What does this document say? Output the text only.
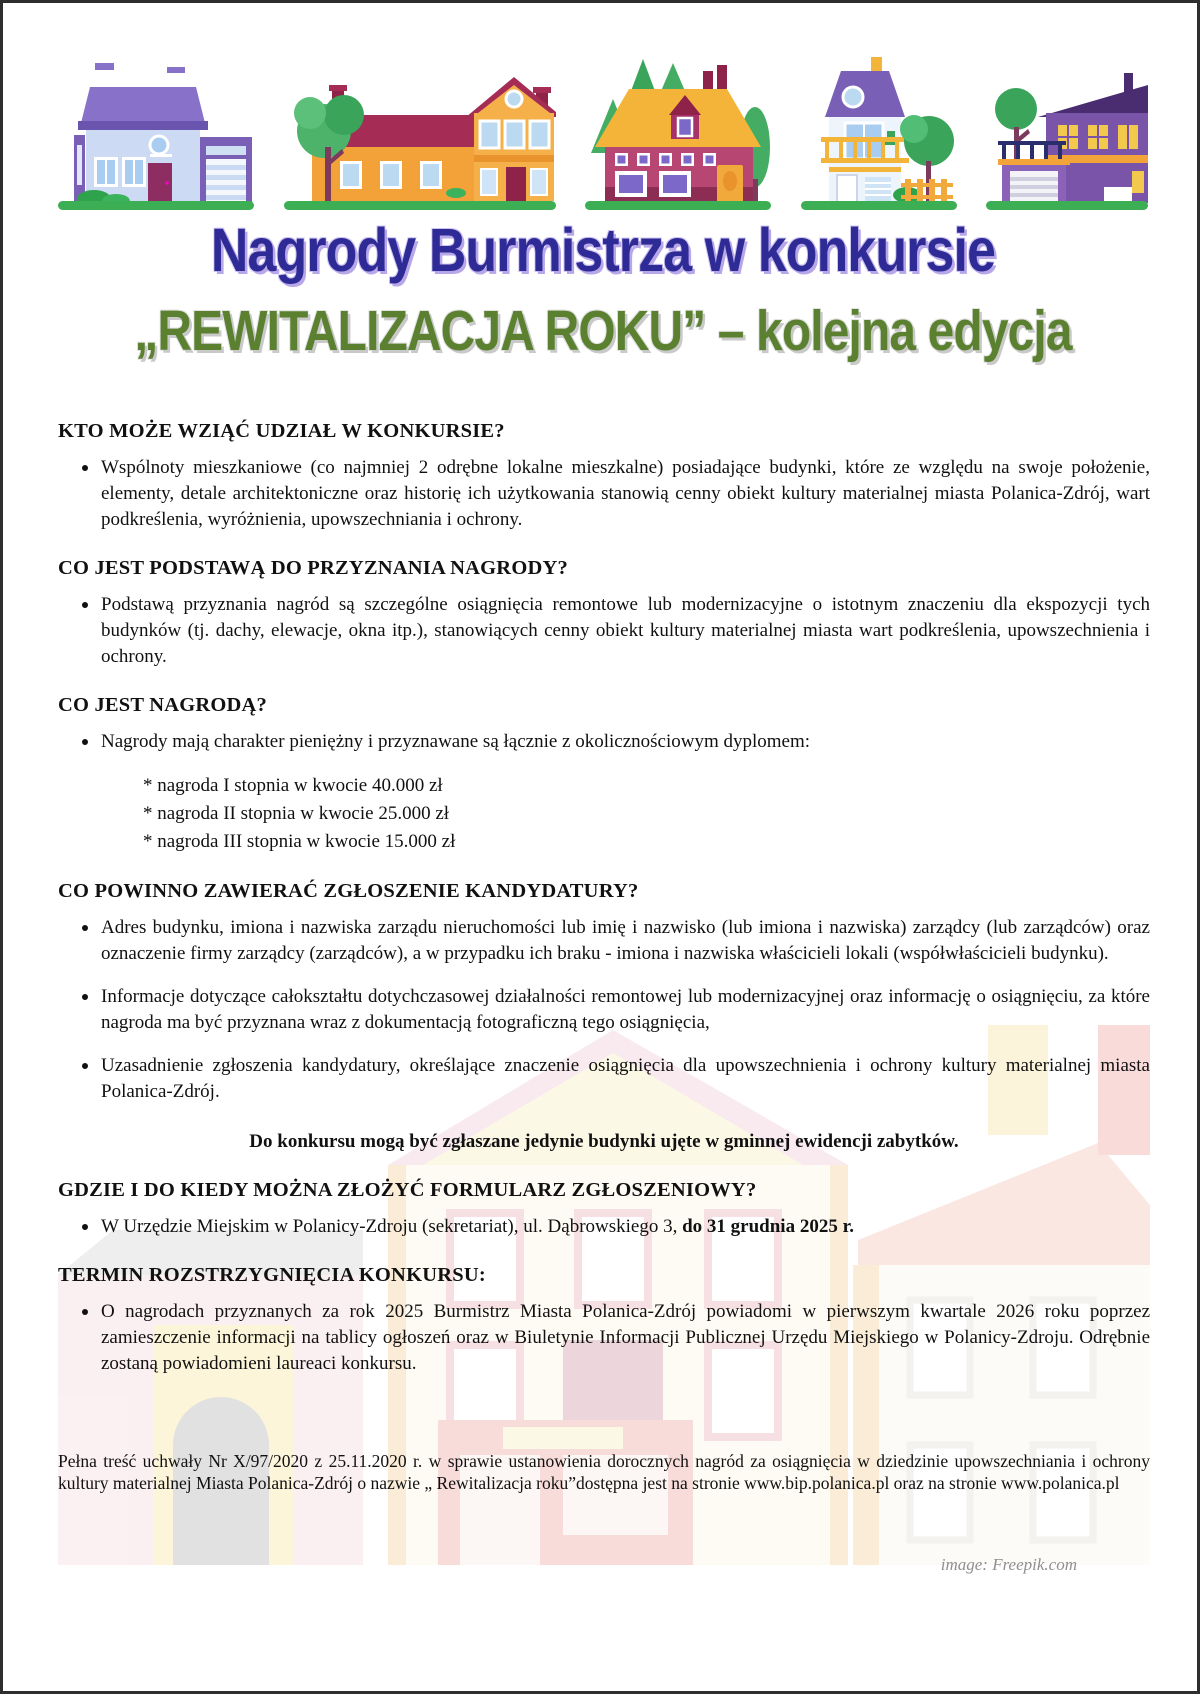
Nagrody Burmistrza w konkursie
„REWITALIZACJA ROKU” – kolejna edycja
KTO MOŻE WZIĄĆ UDZIAŁ W KONKURSIE?
Wspólnoty mieszkaniowe (co najmniej 2 odrębne lokalne mieszkalne) posiadające budynki, które ze względu na swoje położenie, elementy, detale architektoniczne oraz historię ich użytkowania stanowią cenny obiekt kultury materialnej miasta Polanica-Zdrój, wart podkreślenia, wyróżnienia, upowszechniania i ochrony.
CO JEST PODSTAWĄ DO PRZYZNANIA NAGRODY?
Podstawą przyznania nagród są szczególne osiągnięcia remontowe lub modernizacyjne o istotnym znaczeniu dla ekspozycji tych budynków (tj. dachy, elewacje, okna itp.), stanowiących cenny obiekt kultury materialnej miasta wart podkreślenia, upowszechnienia i ochrony.
CO JEST NAGRODĄ?
Nagrody mają charakter pieniężny i przyznawane są łącznie z okolicznościowym dyplomem:
* nagroda I stopnia w kwocie 40.000 zł
* nagroda II stopnia w kwocie 25.000 zł
* nagroda III stopnia w kwocie 15.000 zł
CO POWINNO ZAWIERAĆ ZGŁOSZENIE KANDYDATURY?
Adres budynku, imiona i nazwiska zarządu nieruchomości lub imię i nazwisko (lub imiona i nazwiska) zarządcy (lub zarządców) oraz oznaczenie firmy zarządcy (zarządców), a w przypadku ich braku - imiona i nazwiska właścicieli lokali (współwłaścicieli budynku).
Informacje dotyczące całokształtu dotychczasowej działalności remontowej lub modernizacyjnej oraz informację o osiągnięciu, za które nagroda ma być przyznana wraz z dokumentacją fotograficzną tego osiągnięcia,
Uzasadnienie zgłoszenia kandydatury, określające znaczenie osiągnięcia dla upowszechnienia i ochrony kultury materialnej miasta Polanica-Zdrój.
Do konkursu mogą być zgłaszane jedynie budynki ujęte w gminnej ewidencji zabytków.
GDZIE I DO KIEDY MOŻNA ZŁOŻYĆ FORMULARZ ZGŁOSZENIOWY?
W Urzędzie Miejskim w Polanicy-Zdroju (sekretariat), ul. Dąbrowskiego 3, do 31 grudnia 2025 r.
TERMIN ROZSTRZYGNIĘCIA KONKURSU:
O nagrodach przyznanych za rok 2025 Burmistrz Miasta Polanica-Zdrój powiadomi w pierwszym kwartale 2026 roku poprzez zamieszczenie informacji na tablicy ogłoszeń oraz w Biuletynie Informacji Publicznej Urzędu Miejskiego w Polanicy-Zdroju. Odrębnie zostaną powiadomieni laureaci konkursu.
Pełna treść uchwały Nr X/97/2020 z 25.11.2020 r. w sprawie ustanowienia dorocznych nagród za osiągnięcia w dziedzinie upowszechniania i ochrony kultury materialnej Miasta Polanica-Zdrój o nazwie „ Rewitalizacja roku”dostępna jest na stronie www.bip.polanica.pl oraz na stronie www.polanica.pl
image: Freepik.com
